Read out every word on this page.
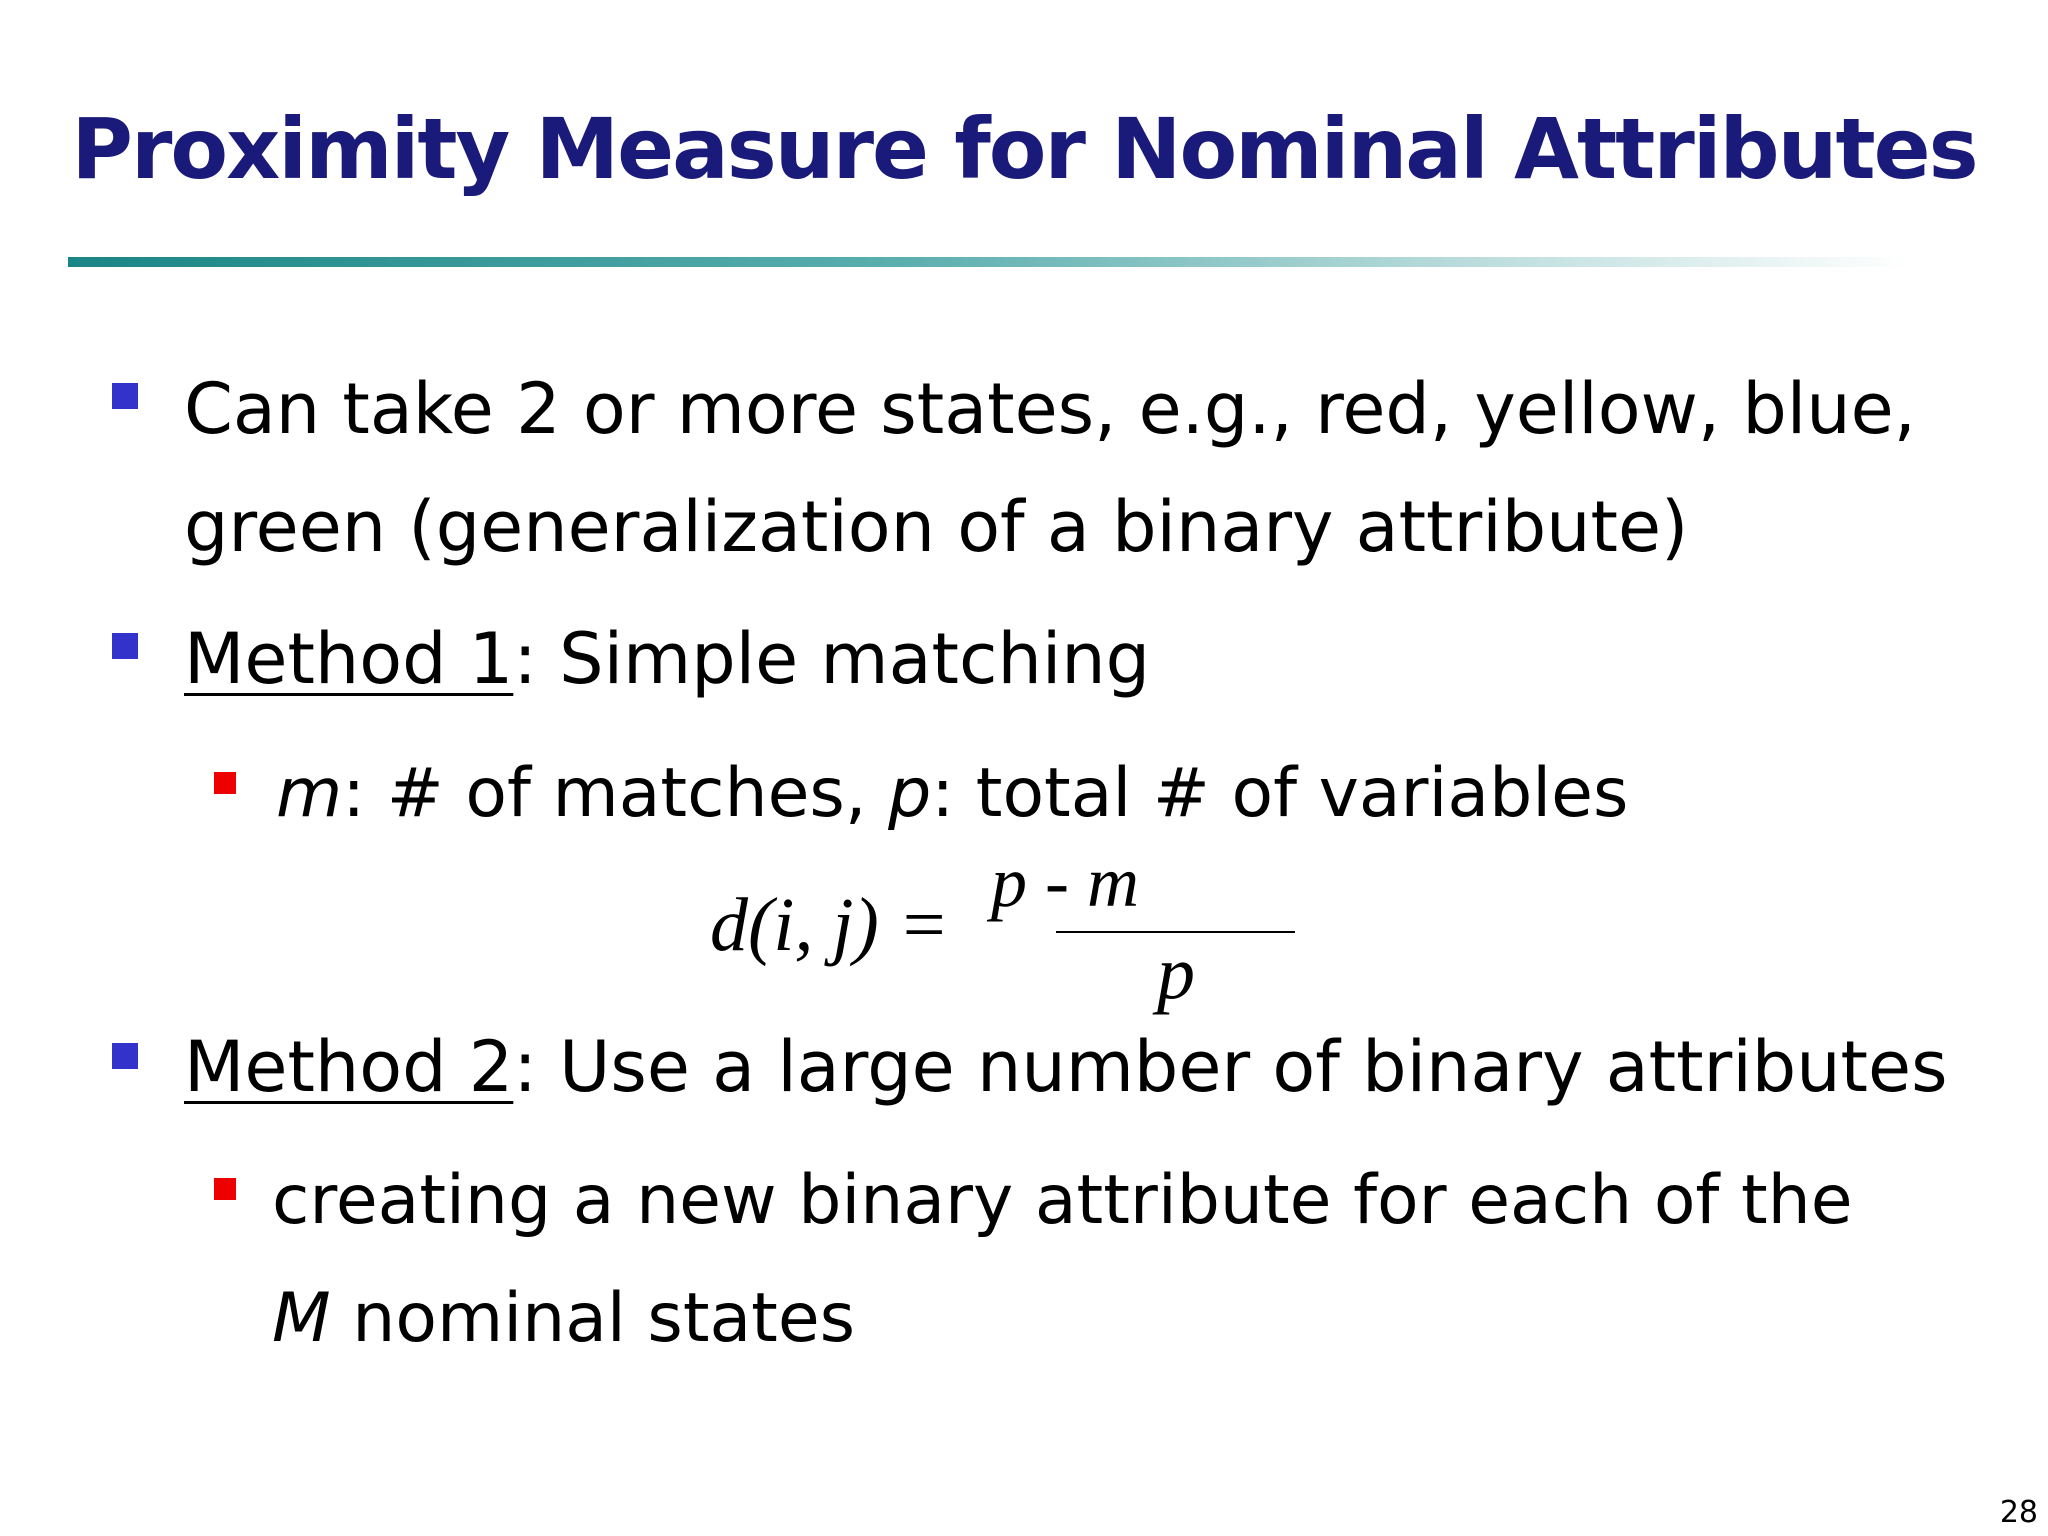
Proximity Measure for Nominal Attributes
Can take 2 or more states, e.g., red, yellow, blue,
green (generalization of a binary attribute)
Method 1: Simple matching
m: # of matches, p: total # of variables
d(i, j) =
p - m
p
Method 2: Use a large number of binary attributes
creating a new binary attribute for each of the
M nominal states
28
